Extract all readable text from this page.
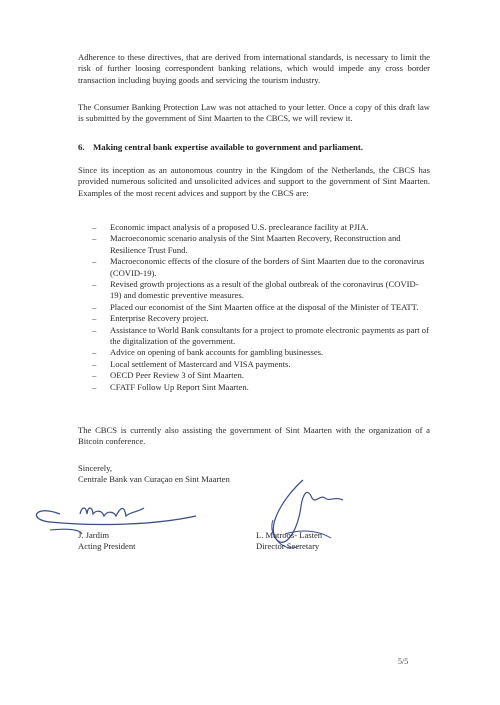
Adherence to these directives, that are derived from international standards, is necessary to limit the risk of further loosing correspondent banking relations, which would impede any cross border transaction including buying goods and servicing the tourism industry.

The Consumer Banking Protection Law was not attached to your letter. Once a copy of this draft law is submitted by the government of Sint Maarten to the CBCS, we will review it.

6. Making central bank expertise available to government and parliament.

Since its inception as an autonomous country in the Kingdom of the Netherlands, the CBCS has provided numerous solicited and unsolicited advices and support to the government of Sint Maarten. Examples of the most recent advices and support by the CBCS are:

– Economic impact analysis of a proposed U.S. preclearance facility at PJIA.
– Macroeconomic scenario analysis of the Sint Maarten Recovery, Reconstruction and Resilience Trust Fund.
– Macroeconomic effects of the closure of the borders of Sint Maarten due to the coronavirus (COVID-19).
– Revised growth projections as a result of the global outbreak of the coronavirus (COVID-19) and domestic preventive measures.
– Placed our economist of the Sint Maarten office at the disposal of the Minister of TEATT.
– Enterprise Recovery project.
– Assistance to World Bank consultants for a project to promote electronic payments as part of the digitalization of the government.
– Advice on opening of bank accounts for gambling businesses.
– Local settlement of Mastercard and VISA payments.
– OECD Peer Review 3 of Sint Maarten.
– CFATF Follow Up Report Sint Maarten.

The CBCS is currently also assisting the government of Sint Maarten with the organization of a Bitcoin conference.

Sincerely,
Centrale Bank van Curaçao en Sint Maarten
J. Jardim
Acting President
L. Matroos- Lasten
Director Secretary
5/5
